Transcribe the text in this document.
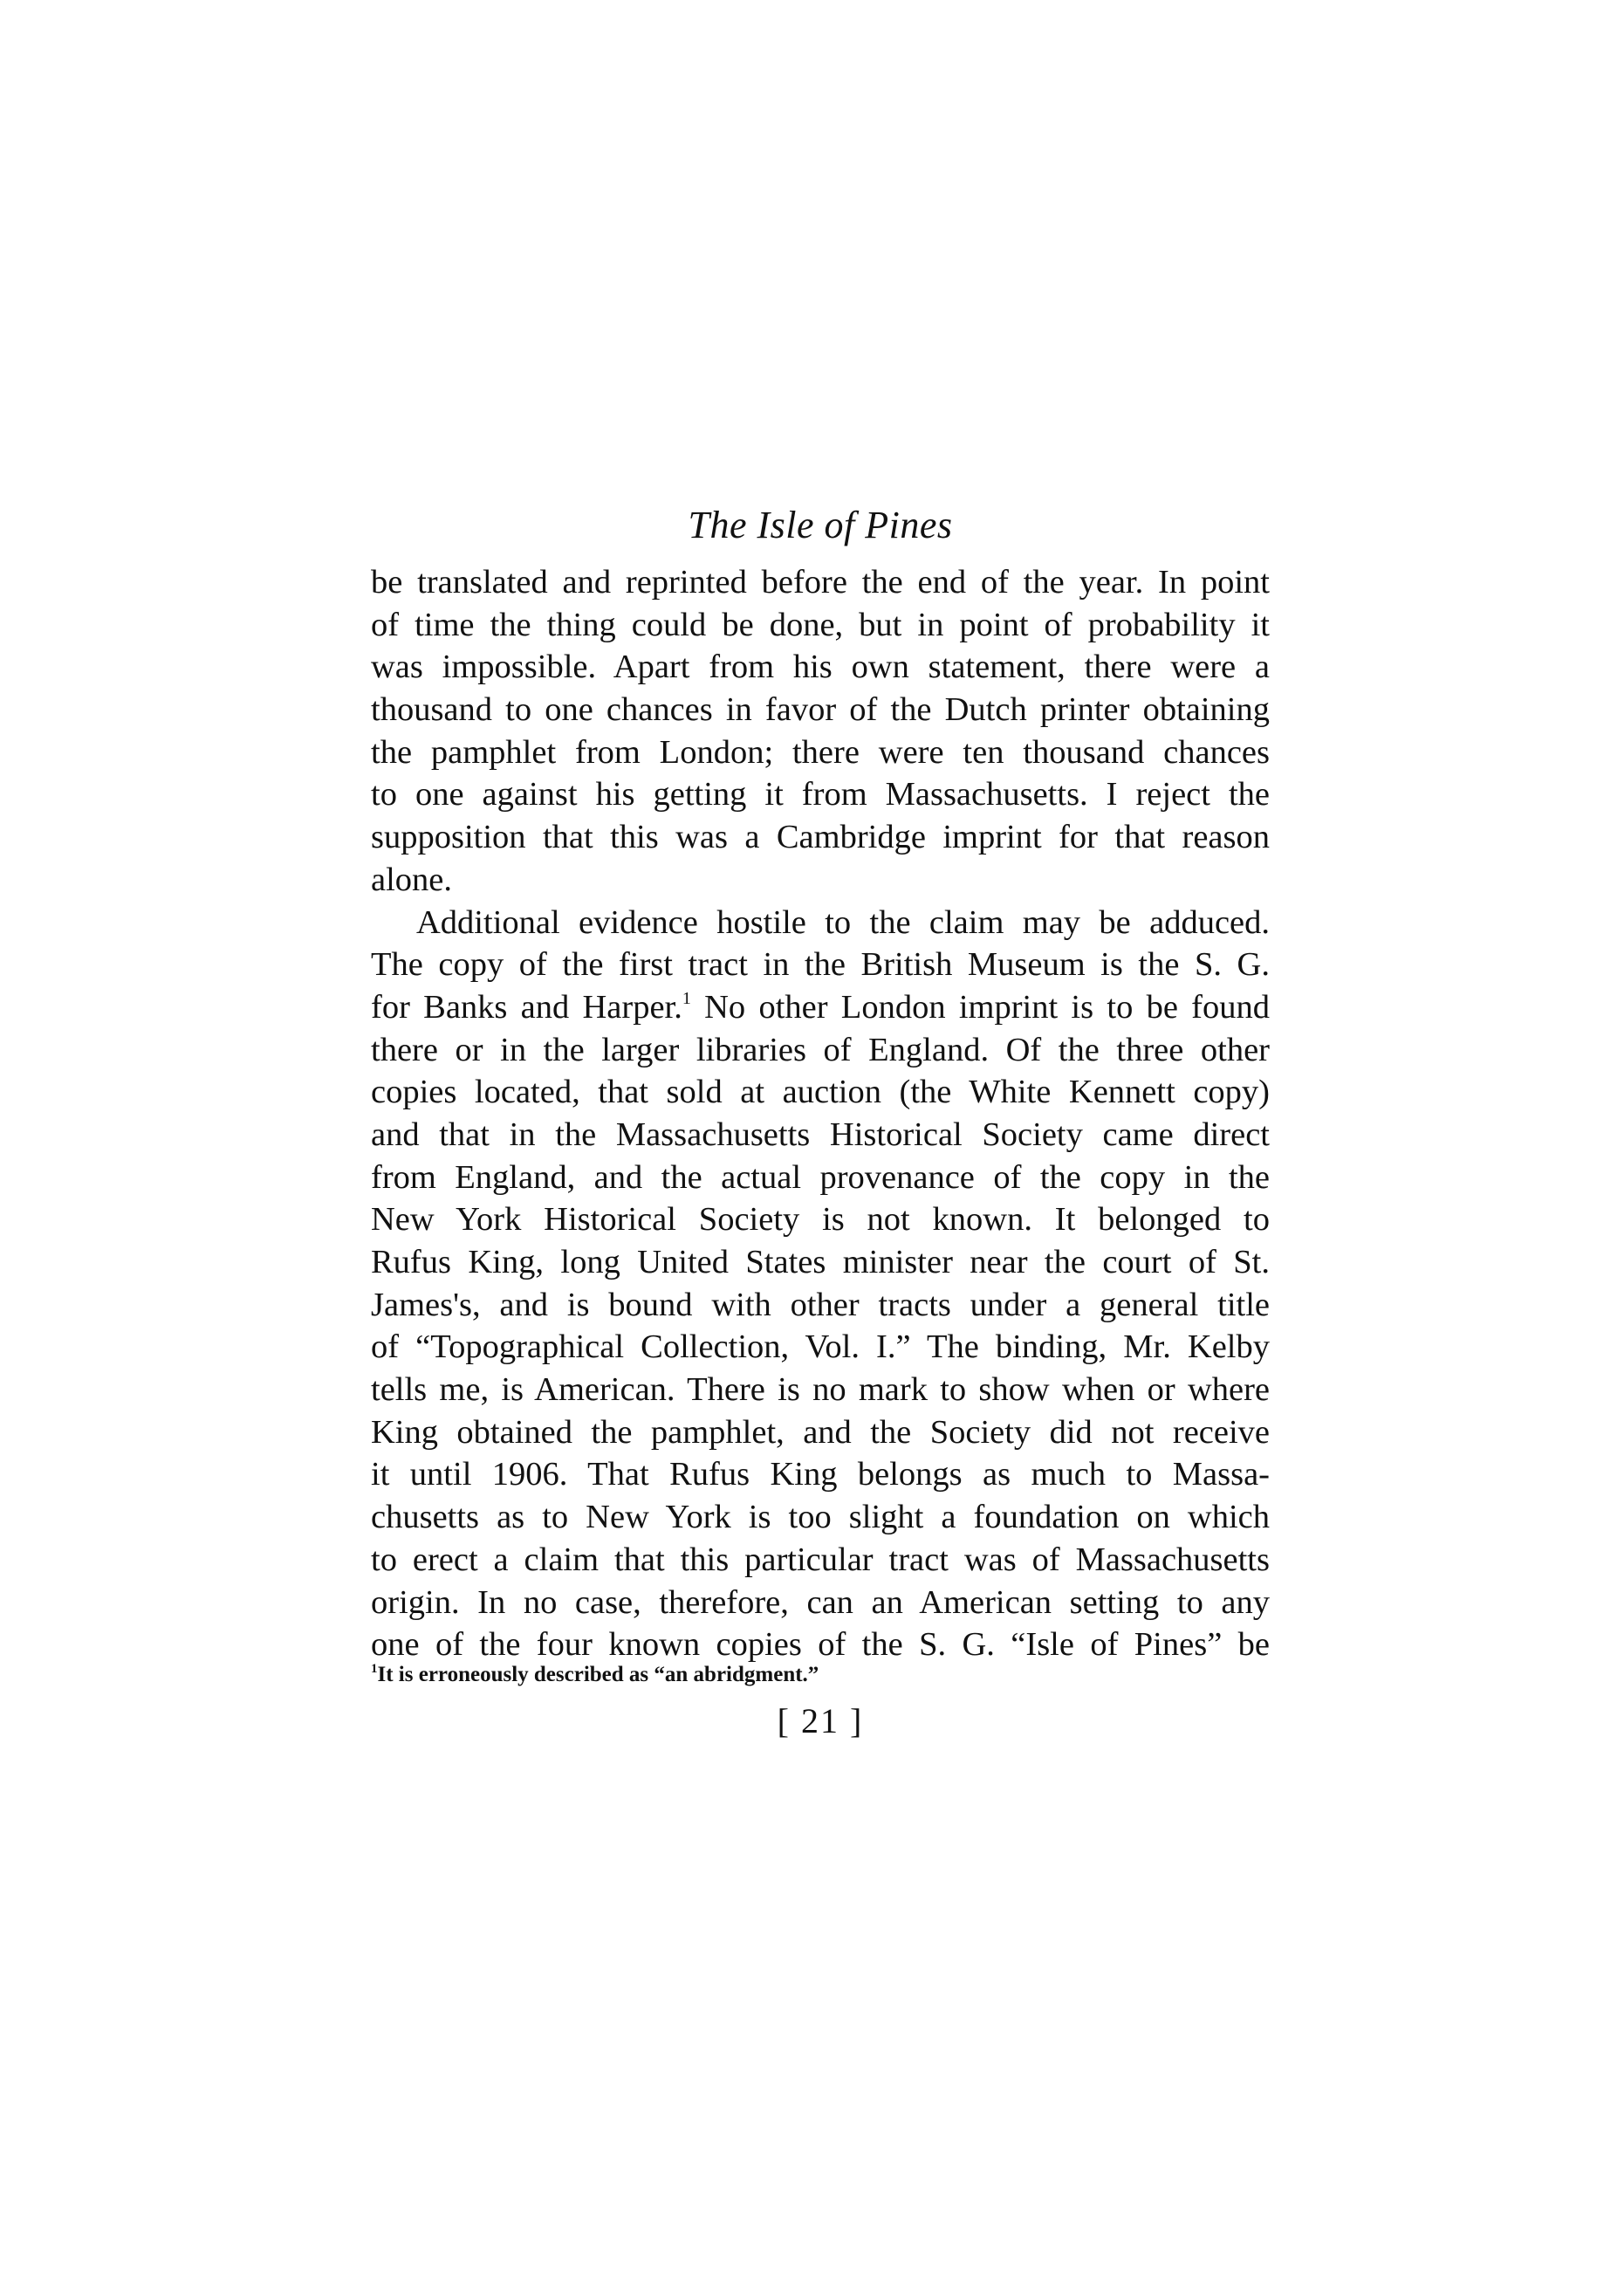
The Isle of Pines
be translated and reprinted before the end of the year. In point
of time the thing could be done, but in point of probability it
was impossible. Apart from his own statement, there were a
thousand to one chances in favor of the Dutch printer obtaining
the pamphlet from London; there were ten thousand chances
to one against his getting it from Massachusetts. I reject the
supposition that this was a Cambridge imprint for that reason
alone.
Additional evidence hostile to the claim may be adduced.
The copy of the first tract in the British Museum is the S. G.
for Banks and Harper.$^1$ No other London imprint is to be found
there or in the larger libraries of England. Of the three other
copies located, that sold at auction (the White Kennett copy)
and that in the Massachusetts Historical Society came direct
from England, and the actual provenance of the copy in the
New York Historical Society is not known. It belonged to
Rufus King, long United States minister near the court of St.
James's, and is bound with other tracts under a general title
of “Topographical Collection, Vol. I.” The binding, Mr. Kelby
tells me, is American. There is no mark to show when or where
King obtained the pamphlet, and the Society did not receive
it until 1906. That Rufus King belongs as much to Massa-
chusetts as to New York is too slight a foundation on which
to erect a claim that this particular tract was of Massachusetts
origin. In no case, therefore, can an American setting to any
one of the four known copies of the S. G. “Isle of Pines” be
$^1$It is erroneously described as “an abridgment.”
[ 21 ]
